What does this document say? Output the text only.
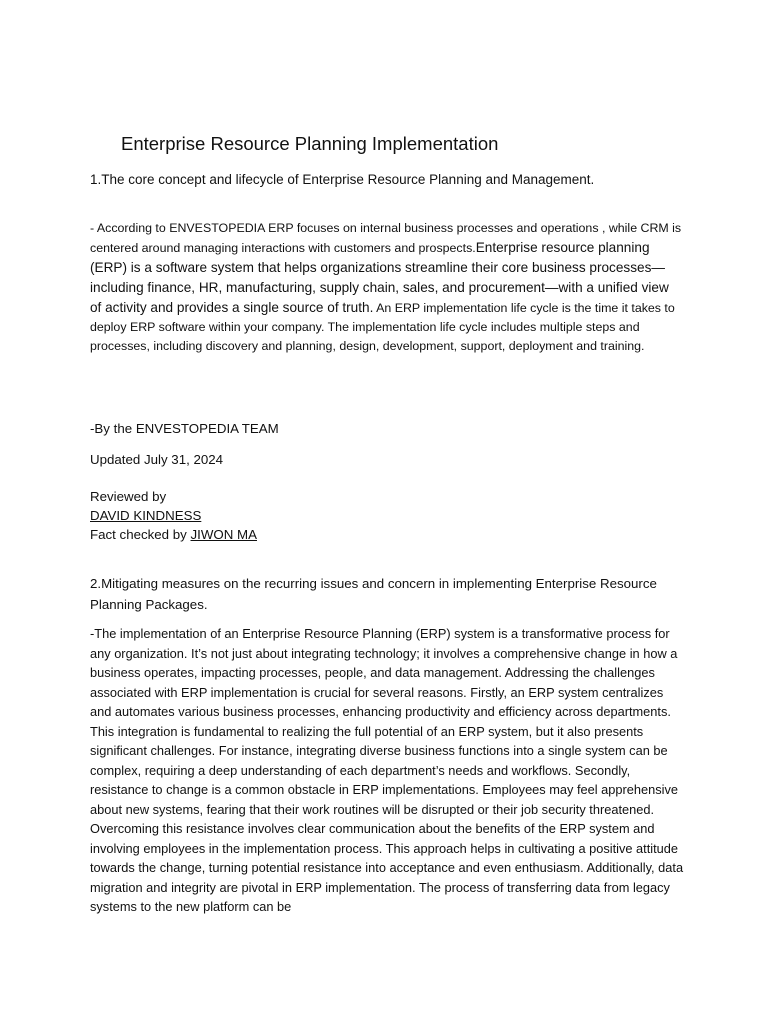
Enterprise Resource Planning Implementation

1.The core concept and lifecycle of Enterprise Resource Planning and Management.

- According to ENVESTOPEDIA ERP focuses on internal business processes and operations , while CRM is centered around managing interactions with customers and prospects.Enterprise resource planning (ERP) is a software system that helps organizations streamline their core business processes—including finance, HR, manufacturing, supply chain, sales, and procurement—with a unified view of activity and provides a single source of truth. An ERP implementation life cycle is the time it takes to deploy ERP software within your company. The implementation life cycle includes multiple steps and processes, including discovery and planning, design, development, support, deployment and training.

-By the ENVESTOPEDIA TEAM

Updated July 31, 2024

Reviewed by

DAVID KINDNESS

Fact checked by JIWON MA

2.Mitigating measures on the recurring issues and concern in implementing Enterprise Resource Planning Packages.

-The implementation of an Enterprise Resource Planning (ERP) system is a transformative process for any organization. It’s not just about integrating technology; it involves a comprehensive change in how a business operates, impacting processes, people, and data management. Addressing the challenges associated with ERP implementation is crucial for several reasons. Firstly, an ERP system centralizes and automates various business processes, enhancing productivity and efficiency across departments. This integration is fundamental to realizing the full potential of an ERP system, but it also presents significant challenges. For instance, integrating diverse business functions into a single system can be complex, requiring a deep understanding of each department’s needs and workflows. Secondly, resistance to change is a common obstacle in ERP implementations. Employees may feel apprehensive about new systems, fearing that their work routines will be disrupted or their job security threatened. Overcoming this resistance involves clear communication about the benefits of the ERP system and involving employees in the implementation process. This approach helps in cultivating a positive attitude towards the change, turning potential resistance into acceptance and even enthusiasm. Additionally, data migration and integrity are pivotal in ERP implementation. The process of transferring data from legacy systems to the new platform can be
